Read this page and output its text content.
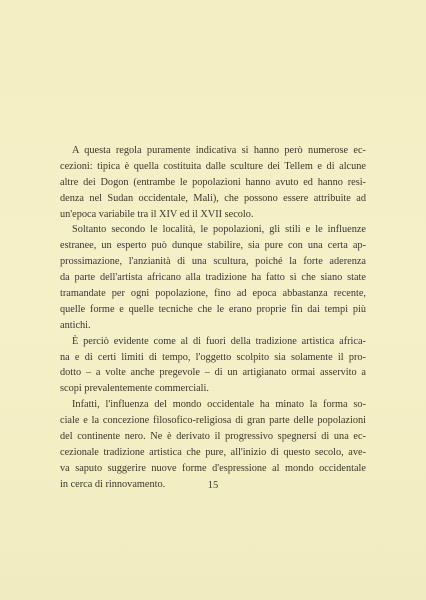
A questa regola puramente indicativa si hanno però numerose ec-
cezioni: tipica è quella costituita dalle sculture dei Tellem e di alcune
altre dei Dogon (entrambe le popolazioni hanno avuto ed hanno resi-
denza nel Sudan occidentale, Mali), che possono essere attribuite ad
un'epoca variabile tra il XIV ed il XVII secolo.
Soltanto secondo le località, le popolazioni, gli stili e le influenze
estranee, un esperto può dunque stabilire, sia pure con una certa ap-
prossimazione, l'anzianità di una scultura, poiché la forte aderenza
da parte dell'artista africano alla tradizione ha fatto sì che siano state
tramandate per ogni popolazione, fino ad epoca abbastanza recente,
quelle forme e quelle tecniche che le erano proprie fin dai tempi più
antichi.
È perciò evidente come al di fuori della tradizione artistica africa-
na e di certi limiti di tempo, l'oggetto scolpito sia solamente il pro-
dotto – a volte anche pregevole – di un artigianato ormai asservito a
scopi prevalentemente commerciali.
Infatti, l'influenza del mondo occidentale ha minato la forma so-
ciale e la concezione filosofico-religiosa di gran parte delle popolazioni
del continente nero. Ne è derivato il progressivo spegnersi di una ec-
cezionale tradizione artistica che pure, all'inizio di questo secolo, ave-
va saputo suggerire nuove forme d'espressione al mondo occidentale
in cerca di rinnovamento.	15
